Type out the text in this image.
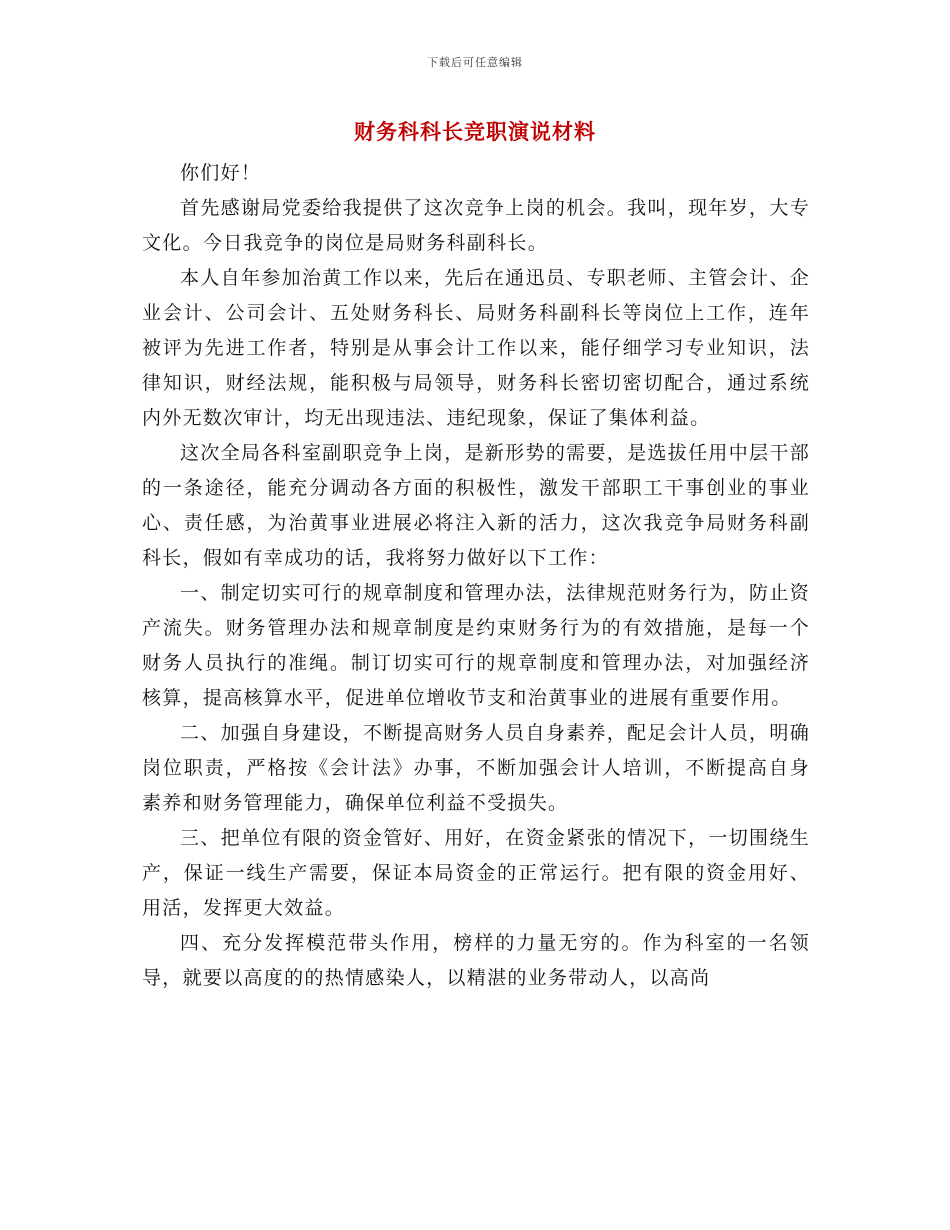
下载后可任意编辑
财务科科长竞职演说材料

你们好！

首先感谢局党委给我提供了这次竞争上岗的机会。我叫，现年岁，大专文化。今日我竞争的岗位是局财务科副科长。

本人自年参加治黄工作以来，先后在通迅员、专职老师、主管会计、企业会计、公司会计、五处财务科长、局财务科副科长等岗位上工作，连年被评为先进工作者，特别是从事会计工作以来，能仔细学习专业知识，法律知识，财经法规，能积极与局领导，财务科长密切密切配合，通过系统内外无数次审计，均无出现违法、违纪现象，保证了集体利益。

这次全局各科室副职竞争上岗，是新形势的需要，是选拔任用中层干部的一条途径，能充分调动各方面的积极性，激发干部职工干事创业的事业心、责任感，为治黄事业进展必将注入新的活力，这次我竞争局财务科副科长，假如有幸成功的话，我将努力做好以下工作：

一、制定切实可行的规章制度和管理办法，法律规范财务行为，防止资产流失。财务管理办法和规章制度是约束财务行为的有效措施，是每一个财务人员执行的准绳。制订切实可行的规章制度和管理办法，对加强经济核算，提高核算水平，促进单位增收节支和治黄事业的进展有重要作用。

二、加强自身建设，不断提高财务人员自身素养，配足会计人员，明确岗位职责，严格按《会计法》办事，不断加强会计人培训，不断提高自身素养和财务管理能力，确保单位利益不受损失。

三、把单位有限的资金管好、用好，在资金紧张的情况下，一切围绕生产，保证一线生产需要，保证本局资金的正常运行。把有限的资金用好、用活，发挥更大效益。

四、充分发挥模范带头作用，榜样的力量无穷的。作为科室的一名领导，就要以高度的的热情感染人，以精湛的业务带动人，以高尚
